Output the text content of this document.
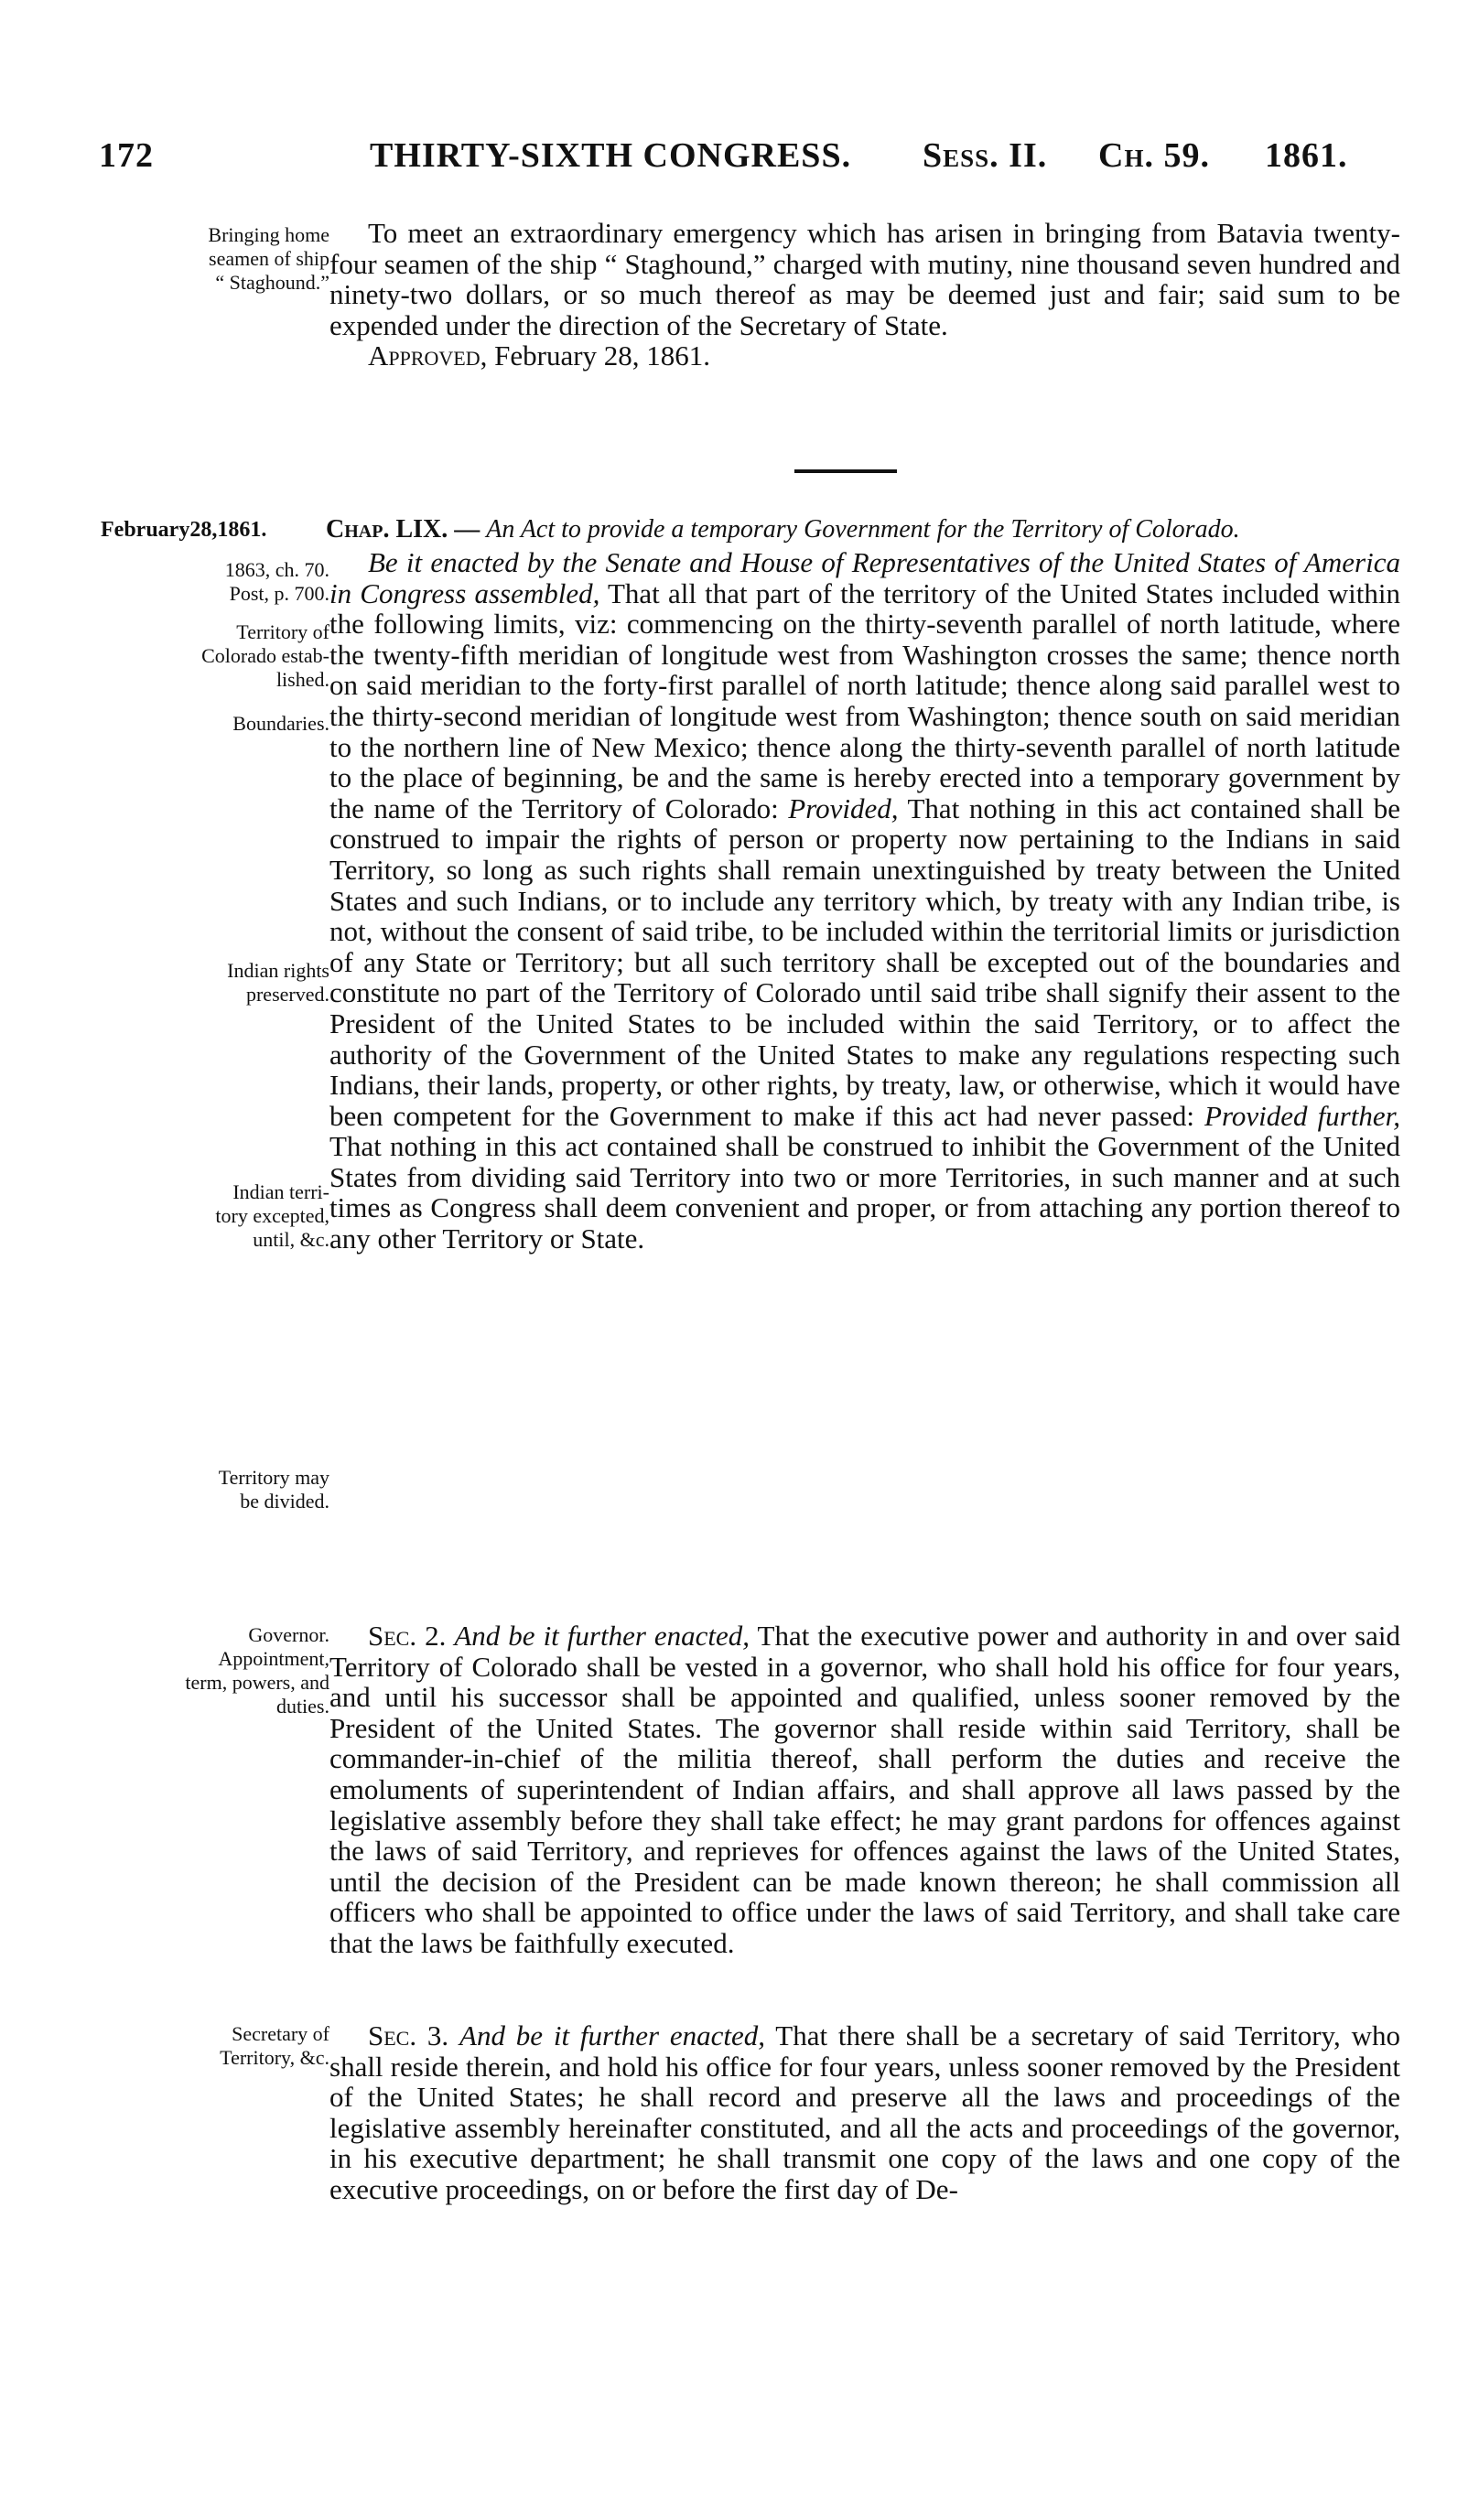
172	THIRTY-SIXTH CONGRESS. Sess. II. Ch. 59. 1861.
Bringing home
seamen of ship
“ Staghound.”

To meet an extraordinary emergency which has arisen in bringing from Batavia twenty-four seamen of the ship “ Staghound,” charged with mutiny, nine thousand seven hundred and ninety-two dollars, or so much thereof as may be deemed just and fair; said sum to be expended under the direction of the Secretary of State.

Approved, February 28, 1861.

February28,1861.	Chap. LIX. — An Act to provide a temporary Government for the Territory of Colorado.
1863, ch. 70.
Post, p. 700.
Territory of
Colorado estab-
lished.
Boundaries.
Indian rights
preserved.
Indian terri-
tory excepted,
until, &c.
Territory may
be divided.
Governor.
Appointment,
term, powers, and
duties.
Secretary of
Territory, &c.

Be it enacted by the Senate and House of Representatives of the United States of America in Congress assembled, That all that part of the territory of the United States included within the following limits, viz: commencing on the thirty-seventh parallel of north latitude, where the twenty-fifth meridian of longitude west from Washington crosses the same; thence north on said meridian to the forty-first parallel of north latitude; thence along said parallel west to the thirty-second meridian of longitude west from Washington; thence south on said meridian to the northern line of New Mexico; thence along the thirty-seventh parallel of north latitude to the place of beginning, be and the same is hereby erected into a temporary government by the name of the Territory of Colorado: Provided, That nothing in this act contained shall be construed to impair the rights of person or property now pertaining to the Indians in said Territory, so long as such rights shall remain unextinguished by treaty between the United States and such Indians, or to include any territory which, by treaty with any Indian tribe, is not, without the consent of said tribe, to be included within the territorial limits or jurisdiction of any State or Territory; but all such territory shall be excepted out of the boundaries and constitute no part of the Territory of Colorado until said tribe shall signify their assent to the President of the United States to be included within the said Territory, or to affect the authority of the Government of the United States to make any regulations respecting such Indians, their lands, property, or other rights, by treaty, law, or otherwise, which it would have been competent for the Government to make if this act had never passed: Provided further, That nothing in this act contained shall be construed to inhibit the Government of the United States from dividing said Territory into two or more Territories, in such manner and at such times as Congress shall deem convenient and proper, or from attaching any portion thereof to any other Territory or State.

Sec. 2. And be it further enacted, That the executive power and authority in and over said Territory of Colorado shall be vested in a governor, who shall hold his office for four years, and until his successor shall be appointed and qualified, unless sooner removed by the President of the United States. The governor shall reside within said Territory, shall be commander-in-chief of the militia thereof, shall perform the duties and receive the emoluments of superintendent of Indian affairs, and shall approve all laws passed by the legislative assembly before they shall take effect; he may grant pardons for offences against the laws of said Territory, and reprieves for offences against the laws of the United States, until the decision of the President can be made known thereon; he shall commission all officers who shall be appointed to office under the laws of said Territory, and shall take care that the laws be faithfully executed.

Sec. 3. And be it further enacted, That there shall be a secretary of said Territory, who shall reside therein, and hold his office for four years, unless sooner removed by the President of the United States; he shall record and preserve all the laws and proceedings of the legislative assembly hereinafter constituted, and all the acts and proceedings of the governor, in his executive department; he shall transmit one copy of the laws and one copy of the executive proceedings, on or before the first day of De-
